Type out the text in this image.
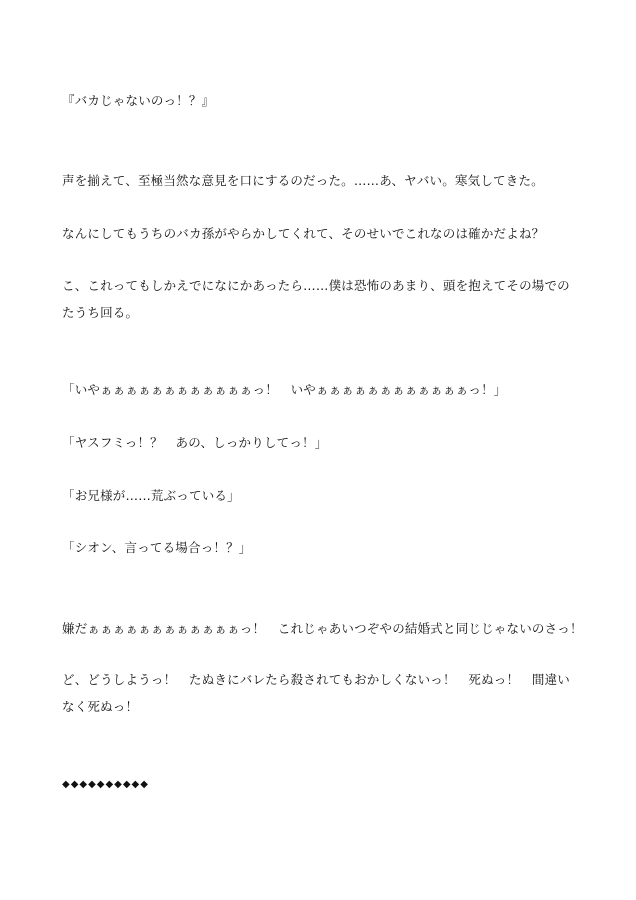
『バカじゃないのっ！？』
声を揃えて、至極当然な意見を口にするのだった。……あ、ヤバい。寒気してきた。
なんにしてもうちのバカ孫がやらかしてくれて、そのせいでこれなのは確かだよね？
こ、これってもしかえでになにかあったら……僕は恐怖のあまり、頭を抱えてその場でのたうち回る。
「いやぁぁぁぁぁぁぁぁぁぁぁぁっ！　いやぁぁぁぁぁぁぁぁぁぁぁぁっ！」
「ヤスフミっ！？　あの、しっかりしてっ！」
「お兄様が……荒ぶっている」
「シオン、言ってる場合っ！？」
嫌だぁぁぁぁぁぁぁぁぁぁぁぁっ！　これじゃあいつぞやの結婚式と同じじゃないのさっ！
ど、どうしようっ！　たぬきにバレたら殺されてもおかしくないっ！　死ぬっ！　間違いなく死ぬっ！
◆◆◆◆◆◆◆◆◆◆
